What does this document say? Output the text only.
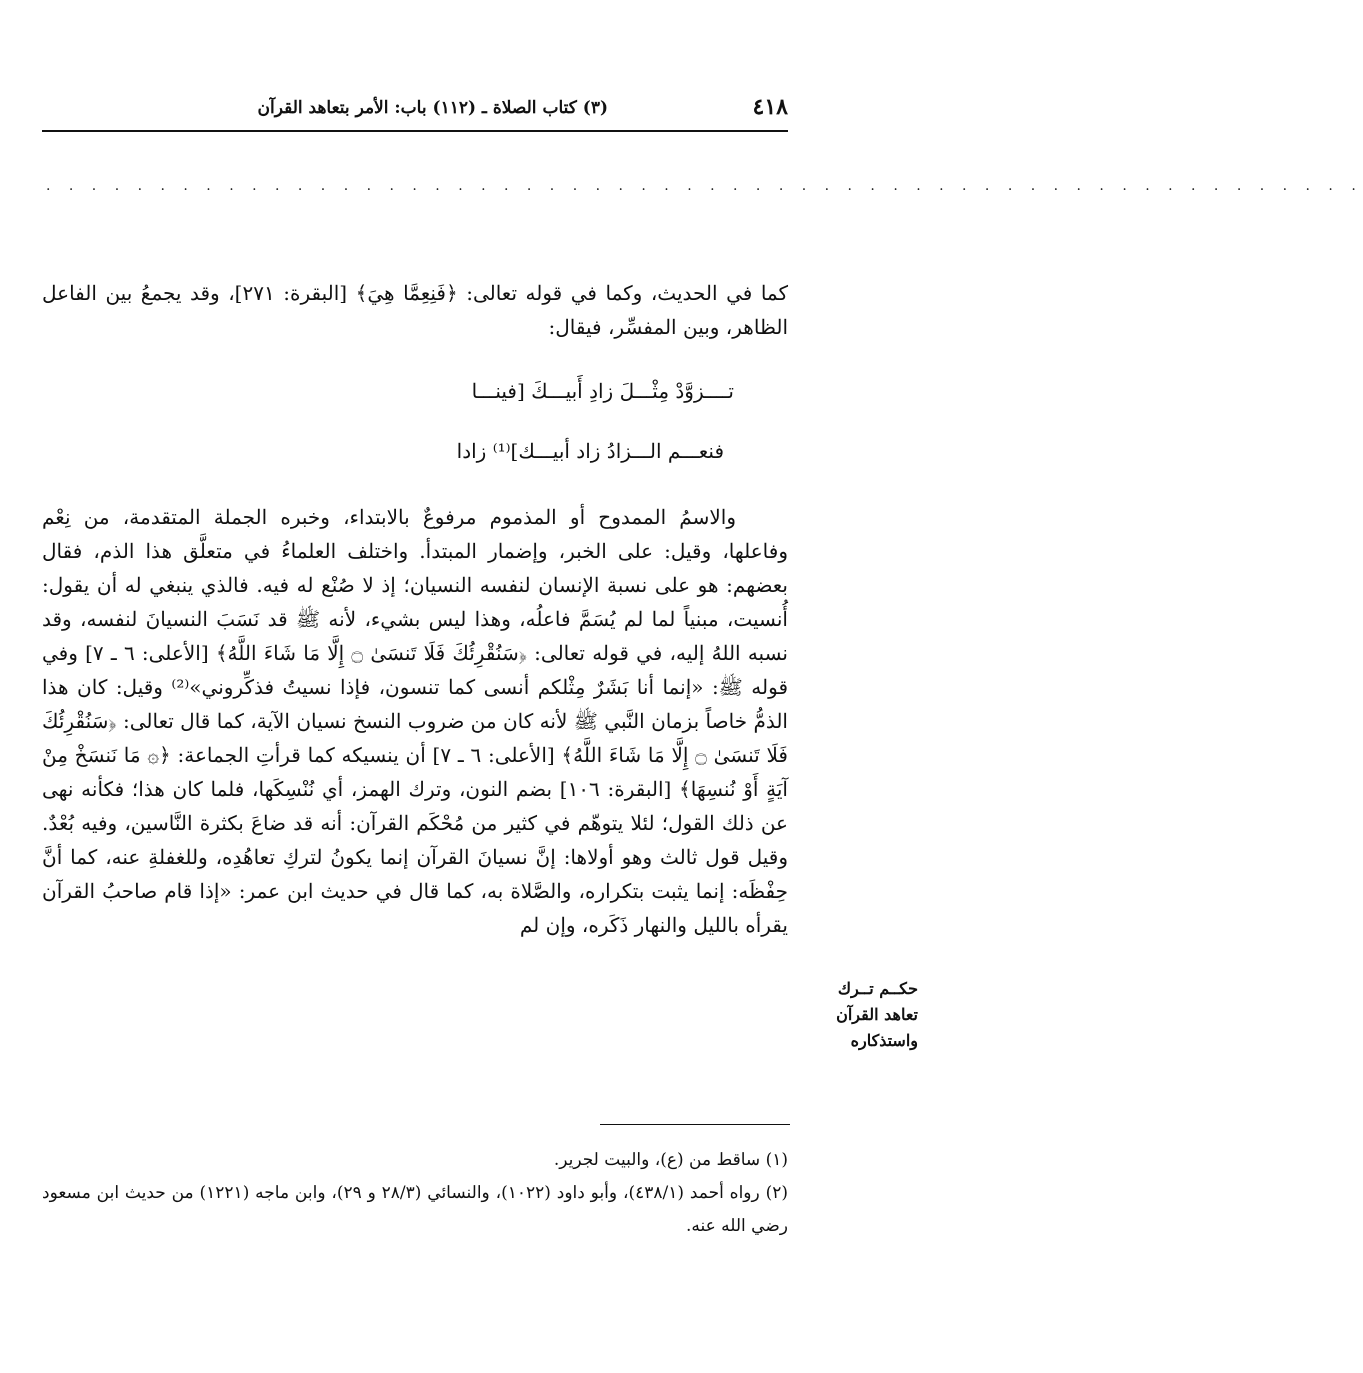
٤١٨
(٣) كتاب الصلاة ـ (١١٢) باب: الأمر بتعاهد القرآن
. . . . . . . . . . . . . . . . . . . . . . . . . . . . . . . . . . . . . . . . . . . . . . . . . . . . . . . . . .

كما في الحديث، وكما في قوله تعالى: ﴿فَنِعِمَّا هِيَ﴾ [البقرة: ٢٧١]، وقد يجمعُ بين الفاعل الظاهر، وبين المفسِّر، فيقال:

تــــزوَّدْ مِثْـــلَ زادِ أَبيـــكَ [فينـــا
فنعـــم الـــزادُ زاد أبيـــك]⁽¹⁾ زادا

والاسمُ الممدوح أو المذموم مرفوعٌ بالابتداء، وخبره الجملة المتقدمة، من نِعْم وفاعلها، وقيل: على الخبر، وإضمار المبتدأ. واختلف العلماءُ في متعلَّق هذا الذم، فقال بعضهم: هو على نسبة الإنسان لنفسه النسيان؛ إذ لا صُنْع له فيه. فالذي ينبغي له أن يقول: أُنسيت، مبنياً لما لم يُسَمَّ فاعلُه، وهذا ليس بشيء، لأنه ﷺ قد نَسَبَ النسيانَ لنفسه، وقد نسبه اللهُ إليه، في قوله تعالى: ﴿سَنُقْرِئُكَ فَلَا تَنسَىٰ ۝ إِلَّا مَا شَاءَ اللَّهُ﴾ [الأعلى: ٦ ـ ٧] وفي قوله ﷺ: «إنما أنا بَشَرٌ مِثْلكم أنسى كما تنسون، فإذا نسيتُ فذكِّروني»⁽²⁾ وقيل: كان هذا الذمُّ خاصاً بزمان النَّبي ﷺ لأنه كان من ضروب النسخ نسيان الآية، كما قال تعالى: ﴿سَنُقْرِئُكَ فَلَا تَنسَىٰ ۝ إِلَّا مَا شَاءَ اللَّهُ﴾ [الأعلى: ٦ ـ ٧] أن ينسيكه كما قرأتِ الجماعة: ﴿۞ مَا نَنسَخْ مِنْ آيَةٍ أَوْ نُنسِهَا﴾ [البقرة: ١٠٦] بضم النون، وترك الهمز، أي نُنْسِكَها، فلما كان هذا؛ فكأنه نهى عن ذلك القول؛ لئلا يتوهّم في كثير من مُحْكَم القرآن: أنه قد ضاعَ بكثرة النَّاسين، وفيه بُعْدٌ. وقيل قول ثالث وهو أولاها: إنَّ نسيانَ القرآن إنما يكونُ لتركِ تعاهُدِه، وللغفلةِ عنه، كما أنَّ حِفْظَه: إنما يثبت بتكراره، والصَّلاة به، كما قال في حديث ابن عمر: «إذا قام صاحبُ القرآن يقرأه بالليل والنهار ذَكَره، وإن لم

حكــم تــرك تعاهد القرآن واستذكاره

(١) ساقط من (ع)، والبيت لجرير.

(٢) رواه أحمد (٤٣٨/١)، وأبو داود (١٠٢٢)، والنسائي (٢٨/٣ و ٢٩)، وابن ماجه (١٢٢١) من حديث ابن مسعود رضي الله عنه.
